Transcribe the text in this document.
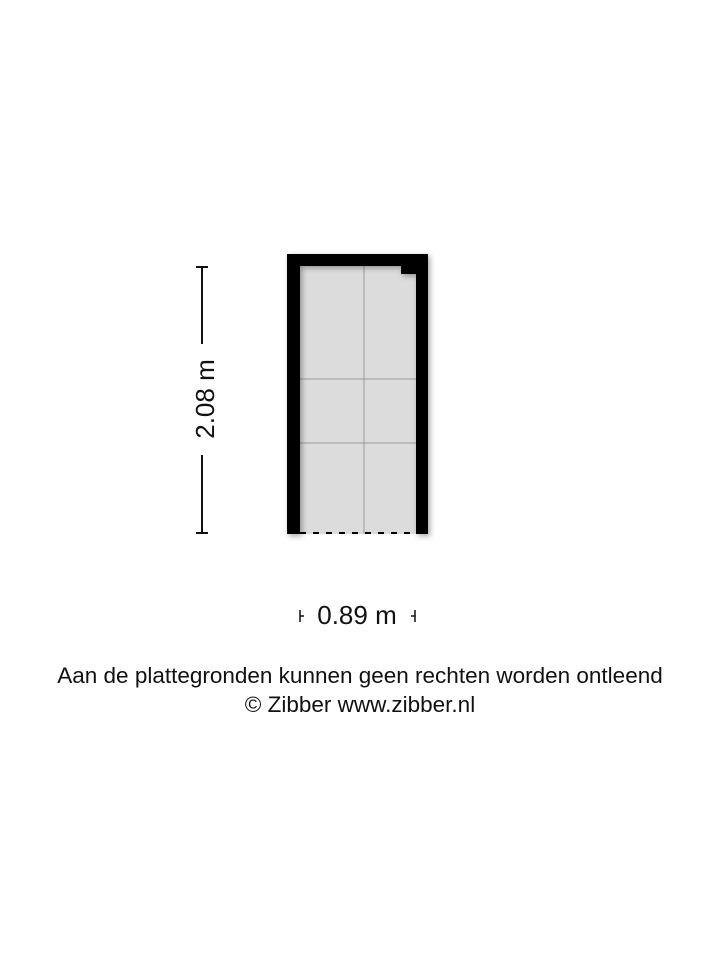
2.08 m
0.89 m
Aan de plattegronden kunnen geen rechten worden ontleend
© Zibber www.zibber.nl
